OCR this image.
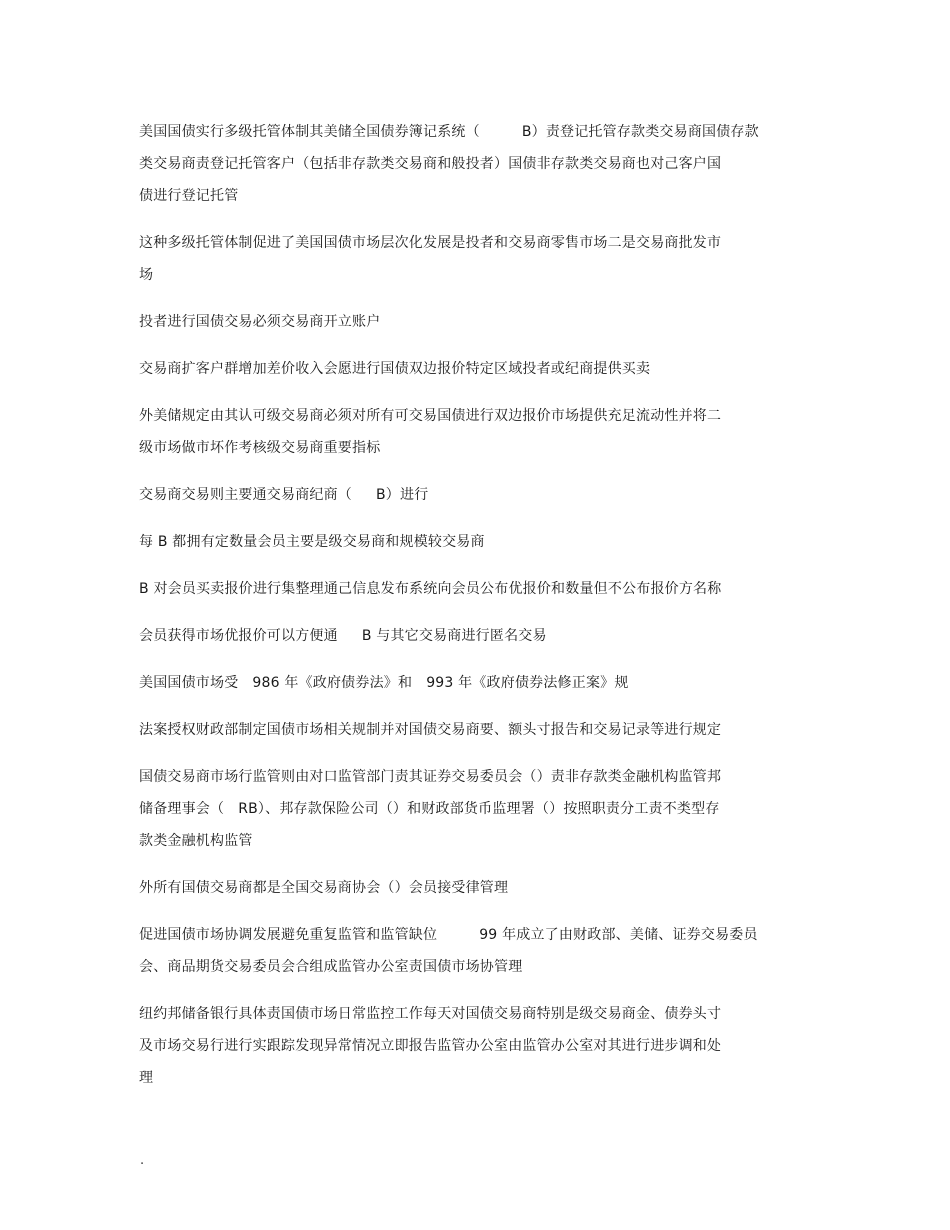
美国国债实行多级托管体制其美储全国债券簿记系统（	B）责登记托管存款类交易商国债存款
类交易商责登记托管客户（包括非存款类交易商和般投者）国债非存款类交易商也对己客户国
债进行登记托管

这种多级托管体制促进了美国国债市场层次化发展是投者和交易商零售市场二是交易商批发市
场

投者进行国债交易必须交易商开立账户

交易商扩客户群增加差价收入会愿进行国债双边报价特定区域投者或纪商提供买卖

外美储规定由其认可级交易商必须对所有可交易国债进行双边报价市场提供充足流动性并将二
级市场做市坏作考核级交易商重要指标

交易商交易则主要通交易商纪商（ B）进行

每 B 都拥有定数量会员主要是级交易商和规模较交易商

B 对会员买卖报价进行集整理通己信息发布系统向会员公布优报价和数量但不公布报价方名称

会员获得市场优报价可以方便通 B 与其它交易商进行匿名交易

美国国债市场受 986 年《政府债券法》和 993 年《政府债券法修正案》规

法案授权财政部制定国债市场相关规制并对国债交易商要、额头寸报告和交易记录等进行规定

国债交易商市场行监管则由对口监管部门责其证券交易委员会（）责非存款类金融机构监管邦
储备理事会（ RB）、邦存款保险公司（）和财政部货币监理署（）按照职责分工责不类型存
款类金融机构监管

外所有国债交易商都是全国交易商协会（）会员接受律管理

促进国债市场协调发展避免重复监管和监管缺位	99 年成立了由财政部、美储、证券交易委员
会、商品期货交易委员会合组成监管办公室责国债市场协管理

纽约邦储备银行具体责国债市场日常监控工作每天对国债交易商特别是级交易商金、债券头寸
及市场交易行进行实跟踪发现异常情况立即报告监管办公室由监管办公室对其进行进步调和处
理

.
